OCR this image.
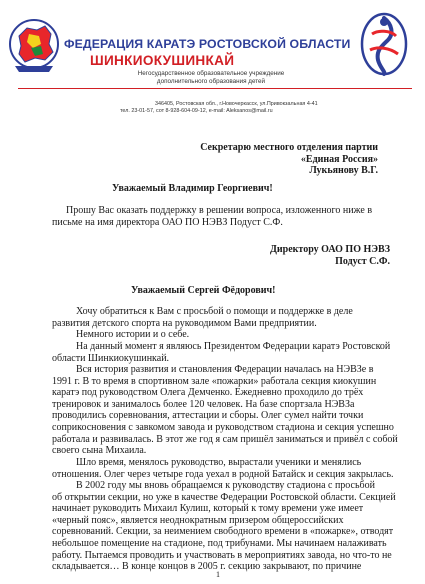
ФЕДЕРАЦИЯ КАРАТЭ РОСТОВСКОЙ ОБЛАСТИ
ШИНКИОКУШИНКАЙ
Негосударственное образовательное учреждение
дополнительного образования детей
346405, Ростовская обл., г.Новочеркасск, ул.Привокзальная 4-41
тел. 23-01-57, сот 8-928-604-09-12, e-mail: Aleksanos@mail.ru
Секретарю местного отделения партии
«Единая Россия»
Лукьянову В.Г.
Уважаемый Владимир Георгиевич!
Прошу Вас оказать поддержку в решении вопроса, изложенного ниже в
письме на имя директора ОАО ПО НЭВЗ Подуст С.Ф.
Директору ОАО ПО НЭВЗ
Подуст С.Ф.
Уважаемый Сергей Фёдорович!
Хочу обратиться к Вам с просьбой о помощи и поддержке в деле
развития детского спорта на руководимом Вами предприятии.
Немного истории и о себе.
На данный момент я являюсь Президентом Федерации каратэ Ростовской
области Шинкиокушинкай.
Вся история развития и становления Федерации началась на НЭВЗе в
1991 г. В то время в спортивном зале «пожарки» работала секция киокушин
каратэ под руководством Олега Демченко. Ежедневно проходило до трёх
тренировок и занималось более 120 человек. На базе спортзала НЭВЗа
проводились соревнования, аттестации и сборы. Олег сумел найти точки
соприкосновения с завкомом завода и руководством стадиона и секция успешно
работала и развивалась. В этот же год я сам пришёл заниматься и привёл с собой
своего сына Михаила.
Шло время, менялось руководство, вырастали ученики и менялись
отношения. Олег через четыре года уехал в родной Батайск и секция закрылась.
В 2002 году мы вновь обращаемся к руководству стадиона с просьбой
об открытии секции, но уже в качестве Федерации Ростовской области. Секцией
начинает руководить Михаил Кулиш, который к тому времени уже имеет
«черный пояс», является неоднократным призером общероссийских
соревнований. Секции, за неимением свободного времени в «пожарке», отводят
небольшое помещение на стадионе, под трибунами. Мы начинаем налаживать
работу. Пытаемся проводить и участвовать в мероприятиях завода, но что-то не
складывается… В конце концов в 2005 г. секцию закрывают, по причине
1
